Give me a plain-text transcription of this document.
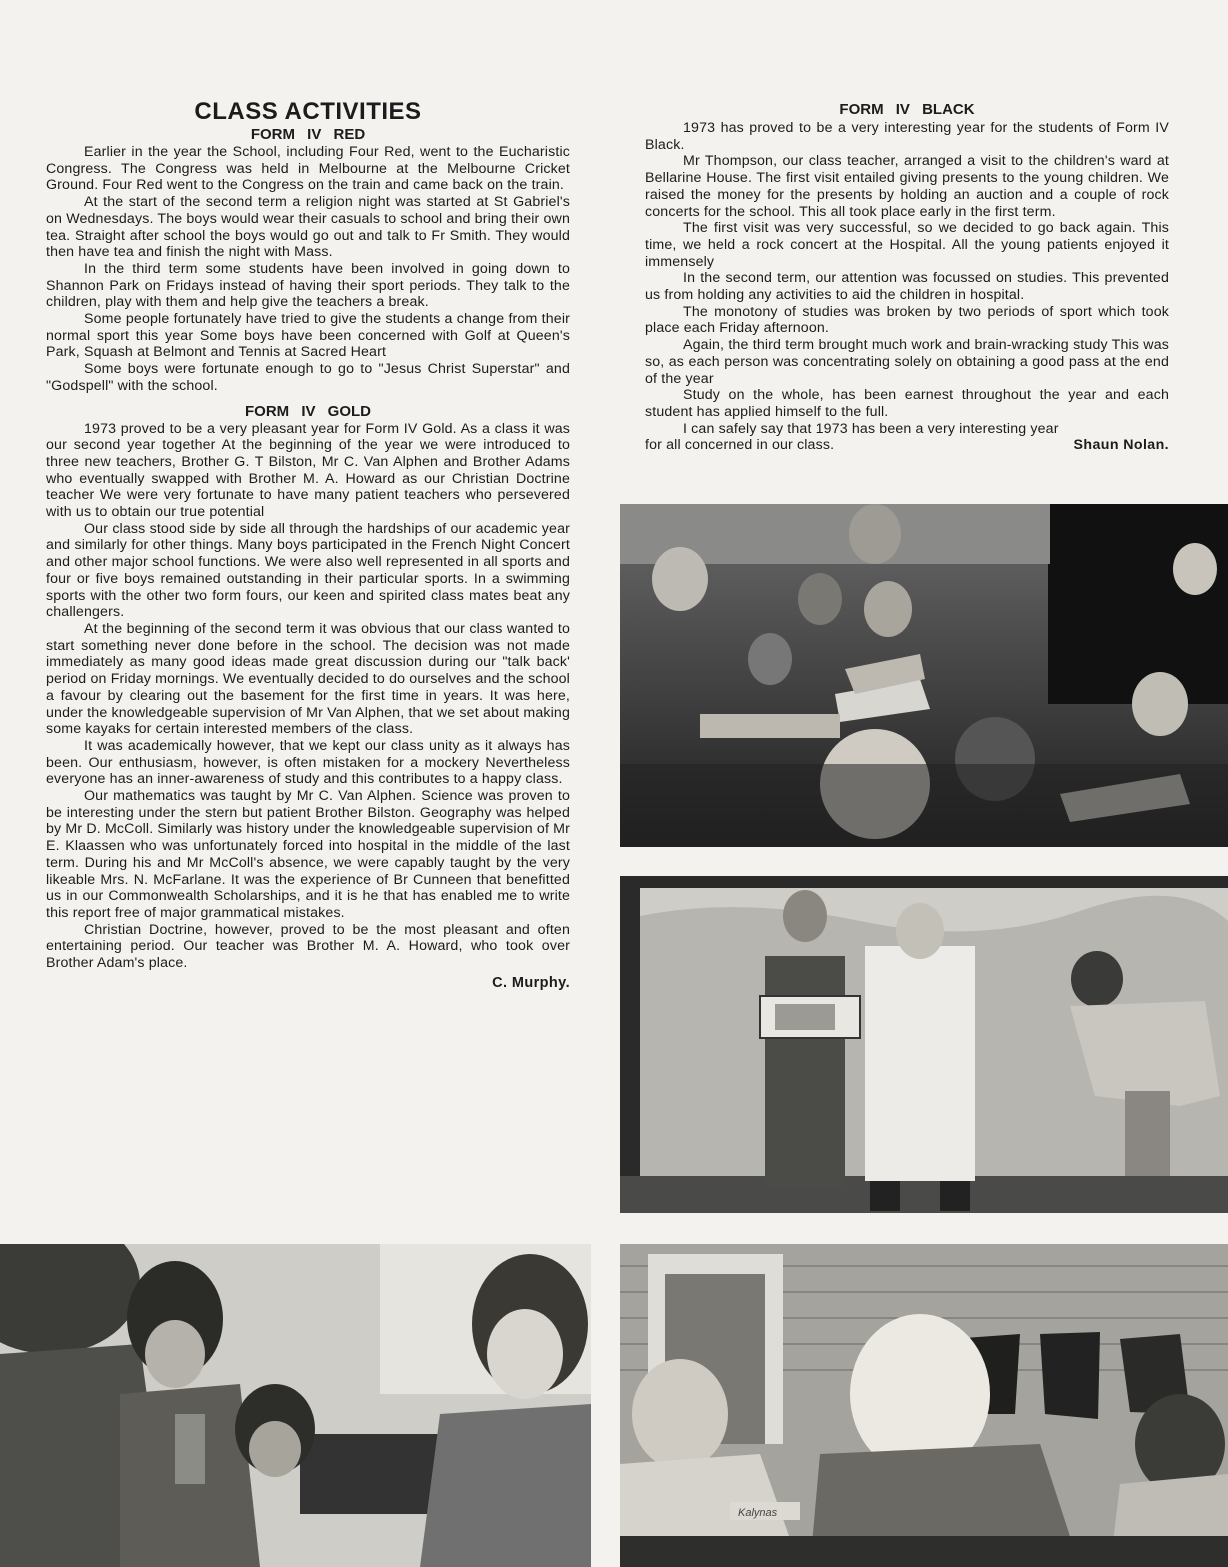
CLASS ACTIVITIES
FORM IV RED

Earlier in the year the School, including Four Red, went to the Eucharistic Congress. The Congress was held in Melbourne at the Melbourne Cricket Ground. Four Red went to the Congress on the train and came back on the train.

At the start of the second term a religion night was started at St Gabriel's on Wednesdays. The boys would wear their casuals to school and bring their own tea. Straight after school the boys would go out and talk to Fr Smith. They would then have tea and finish the night with Mass.

In the third term some students have been involved in going down to Shannon Park on Fridays instead of having their sport periods. They talk to the children, play with them and help give the teachers a break.

Some people fortunately have tried to give the students a change from their normal sport this year Some boys have been concerned with Golf at Queen's Park, Squash at Belmont and Tennis at Sacred Heart

Some boys were fortunate enough to go to "Jesus Christ Superstar" and "Godspell" with the school.

FORM IV GOLD

1973 proved to be a very pleasant year for Form IV Gold. As a class it was our second year together At the beginning of the year we were introduced to three new teachers, Brother G. T Bilston, Mr C. Van Alphen and Brother Adams who eventually swapped with Brother M. A. Howard as our Christian Doctrine teacher We were very fortunate to have many patient teachers who persevered with us to obtain our true potential

Our class stood side by side all through the hardships of our academic year and similarly for other things. Many boys participated in the French Night Concert and other major school functions. We were also well represented in all sports and four or five boys remained outstanding in their particular sports. In a swimming sports with the other two form fours, our keen and spirited class mates beat any challengers.

At the beginning of the second term it was obvious that our class wanted to start something never done before in the school. The decision was not made immediately as many good ideas made great discussion during our "talk back' period on Friday mornings. We eventually decided to do ourselves and the school a favour by clearing out the basement for the first time in years. It was here, under the knowledgeable supervision of Mr Van Alphen, that we set about making some kayaks for certain interested members of the class.

It was academically however, that we kept our class unity as it always has been. Our enthusiasm, however, is often mistaken for a mockery Nevertheless everyone has an inner-awareness of study and this contributes to a happy class.

Our mathematics was taught by Mr C. Van Alphen. Science was proven to be interesting under the stern but patient Brother Bilston. Geography was helped by Mr D. McColl. Similarly was history under the knowledgeable supervision of Mr E. Klaassen who was unfortunately forced into hospital in the middle of the last term. During his and Mr McColl's absence, we were capably taught by the very likeable Mrs. N. McFarlane. It was the experience of Br Cunneen that benefitted us in our Commonwealth Scholarships, and it is he that has enabled me to write this report free of major grammatical mistakes.

Christian Doctrine, however, proved to be the most pleasant and often entertaining period. Our teacher was Brother M. A. Howard, who took over Brother Adam's place.

C. Murphy.
FORM IV BLACK

1973 has proved to be a very interesting year for the students of Form IV Black.

Mr Thompson, our class teacher, arranged a visit to the children's ward at Bellarine House. The first visit entailed giving presents to the young children. We raised the money for the presents by holding an auction and a couple of rock concerts for the school. This all took place early in the first term.

The first visit was very successful, so we decided to go back again. This time, we held a rock concert at the Hospital. All the young patients enjoyed it immensely

In the second term, our attention was focussed on studies. This prevented us from holding any activities to aid the children in hospital.

The monotony of studies was broken by two periods of sport which took place each Friday afternoon.

Again, the third term brought much work and brain-wracking study This was so, as each person was concentrating solely on obtaining a good pass at the end of the year

Study on the whole, has been earnest throughout the year and each student has applied himself to the full.

I can safely say that 1973 has been a very interesting year

for all concerned in our class.	Shaun Nolan.
Kalynas
